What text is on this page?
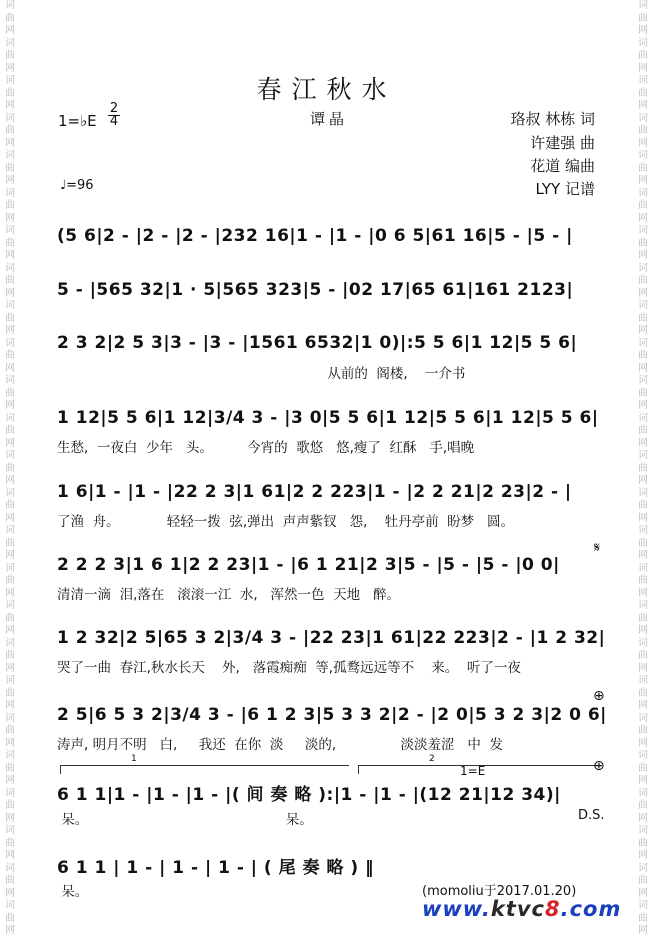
词曲网词曲网词曲网词曲网词曲网词曲网词曲网词曲网词曲网词曲网词曲网词曲网词曲网词曲网词曲网词曲网词曲网词曲网词曲网词曲网词曲网词曲网词曲网词曲网词曲网
词曲网词曲网词曲网词曲网词曲网词曲网词曲网词曲网词曲网词曲网词曲网词曲网词曲网词曲网词曲网词曲网词曲网词曲网词曲网词曲网词曲网词曲网词曲网词曲网词曲网
春江秋水
1=♭E
2
4	谭晶	珞叔 林栋 词
许建强 曲
花道 编曲
LYY 记谱
♩=96
(5 6|2 - |2 - |2 - |232 16|1 - |1 - |0 6 5|61 16|5 - |5 - |
5 - |565 32|1 · 5|565 323|5 - |02 17|65 61|161 2123|
2 3 2|2 5 3|3 - |3 - |1561 6532|1 0)|:5 5 6|1 12|5 5 6|
从前的  阁楼,    一介书
1 12|5 5 6|1 12|3/4 3 - |3 0|5 5 6|1 12|5 5 6|1 12|5 5 6|
生愁,  一夜白  少年   头。        今宵的  歌悠   悠,瘦了  红酥   手,唱晚
1 6|1 - |1 - |22 2 3|1 61|2 2 223|1 - |2 2 21|2 23|2 - |
了渔  舟。           轻轻一拨  弦,弹出  声声紫钗   怨,    牡丹亭前  盼梦   圆。
𝄋
2 2 2 3|1 6 1|2 2 23|1 - |6 1 21|2 3|5 - |5 - |5 - |0 0|
清清一滴  泪,落在   滚滚一江  水,   浑然一色  天地   醉。
1 2 32|2 5|65 3 2|3/4 3 - |22 23|1 61|22 223|2 - |1 2 32|
哭了一曲  春江,秋水长天    外,   落霞痴痴  等,孤鹜远远等不    来。  听了一夜
⊕
2 5|6 5 3 2|3/4 3 - |6 1 2 3|5 3 3 2|2 - |2 0|5 3 2 3|2 0 6|
涛声, 明月不明   白,     我还  在你  淡     淡的,               淡淡羞涩   中  发
1	2
1=E	⊕
6 1 1|1 - |1 - |1 - |( 间 奏 略 ):|1 - |1 - |(12 21|12 34)|
呆。                                              呆。	D.S.
6 1 1 | 1 - | 1 - | 1 - | ( 尾 奏 略 ) ‖
呆。	(momoliu于2017.01.20)
www.ktvc8.com
